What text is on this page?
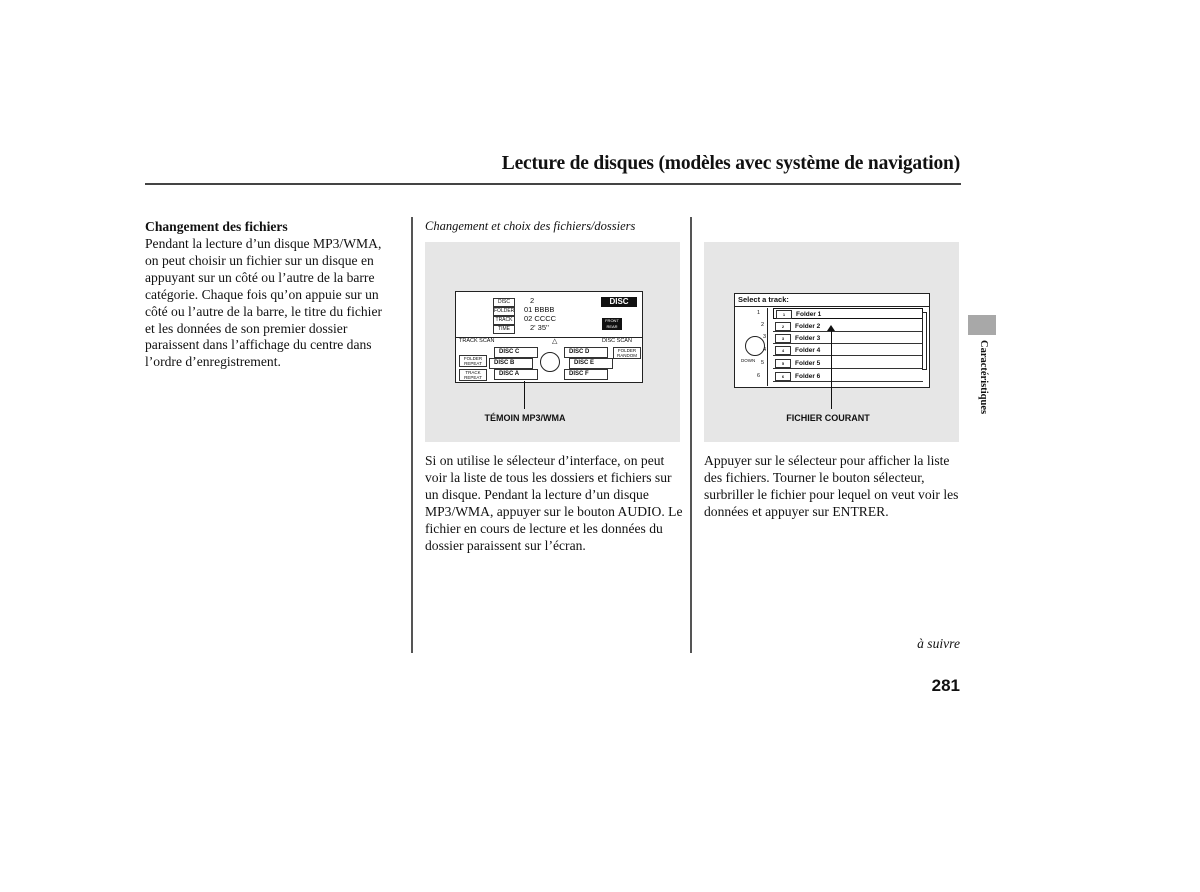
Lecture de disques (modèles avec système de navigation)
Changement des fichiers
Pendant la lecture d’un disque MP3/WMA, on peut choisir un fichier sur un disque en appuyant sur un côté ou l’autre de la barre catégorie. Chaque fois qu’on appuie sur un côté ou l’autre de la barre, le titre du fichier et les données de son premier dossier paraissent dans l’affichage du centre dans l’ordre d’enregistrement.
Changement et choix des fichiers/dossiers
DISC	2
FOLDER 01 BBBB
TRACK	02 CCCC
TIME	2' 35''
DISC
FRONT REAR
TRACK SCAN	△	DISC SCAN
FOLDER REPEAT
TRACK REPEAT
FOLDER RANDOM
DISC C	DISC D
DISC B	DISC E
DISC A	DISC F
TÉMOIN MP3/WMA
Si on utilise le sélecteur d’interface, on peut voir la liste de tous les dossiers et fichiers sur un disque. Pendant la lecture d’un disque MP3/WMA, appuyer sur le bouton AUDIO. Le fichier en cours de lecture et les données du dossier paraissent sur l’écran.
Select a track:
1
2
3
4
5
6
DOWN
1 Folder 1
2 Folder 2
3 Folder 3
4 Folder 4
5 Folder 5
6 Folder 6
FICHIER COURANT
Appuyer sur le sélecteur pour afficher la liste des fichiers. Tourner le bouton sélecteur, surbriller le fichier pour lequel on veut voir les données et appuyer sur ENTRER.
à suivre
Caractéristiques
281
